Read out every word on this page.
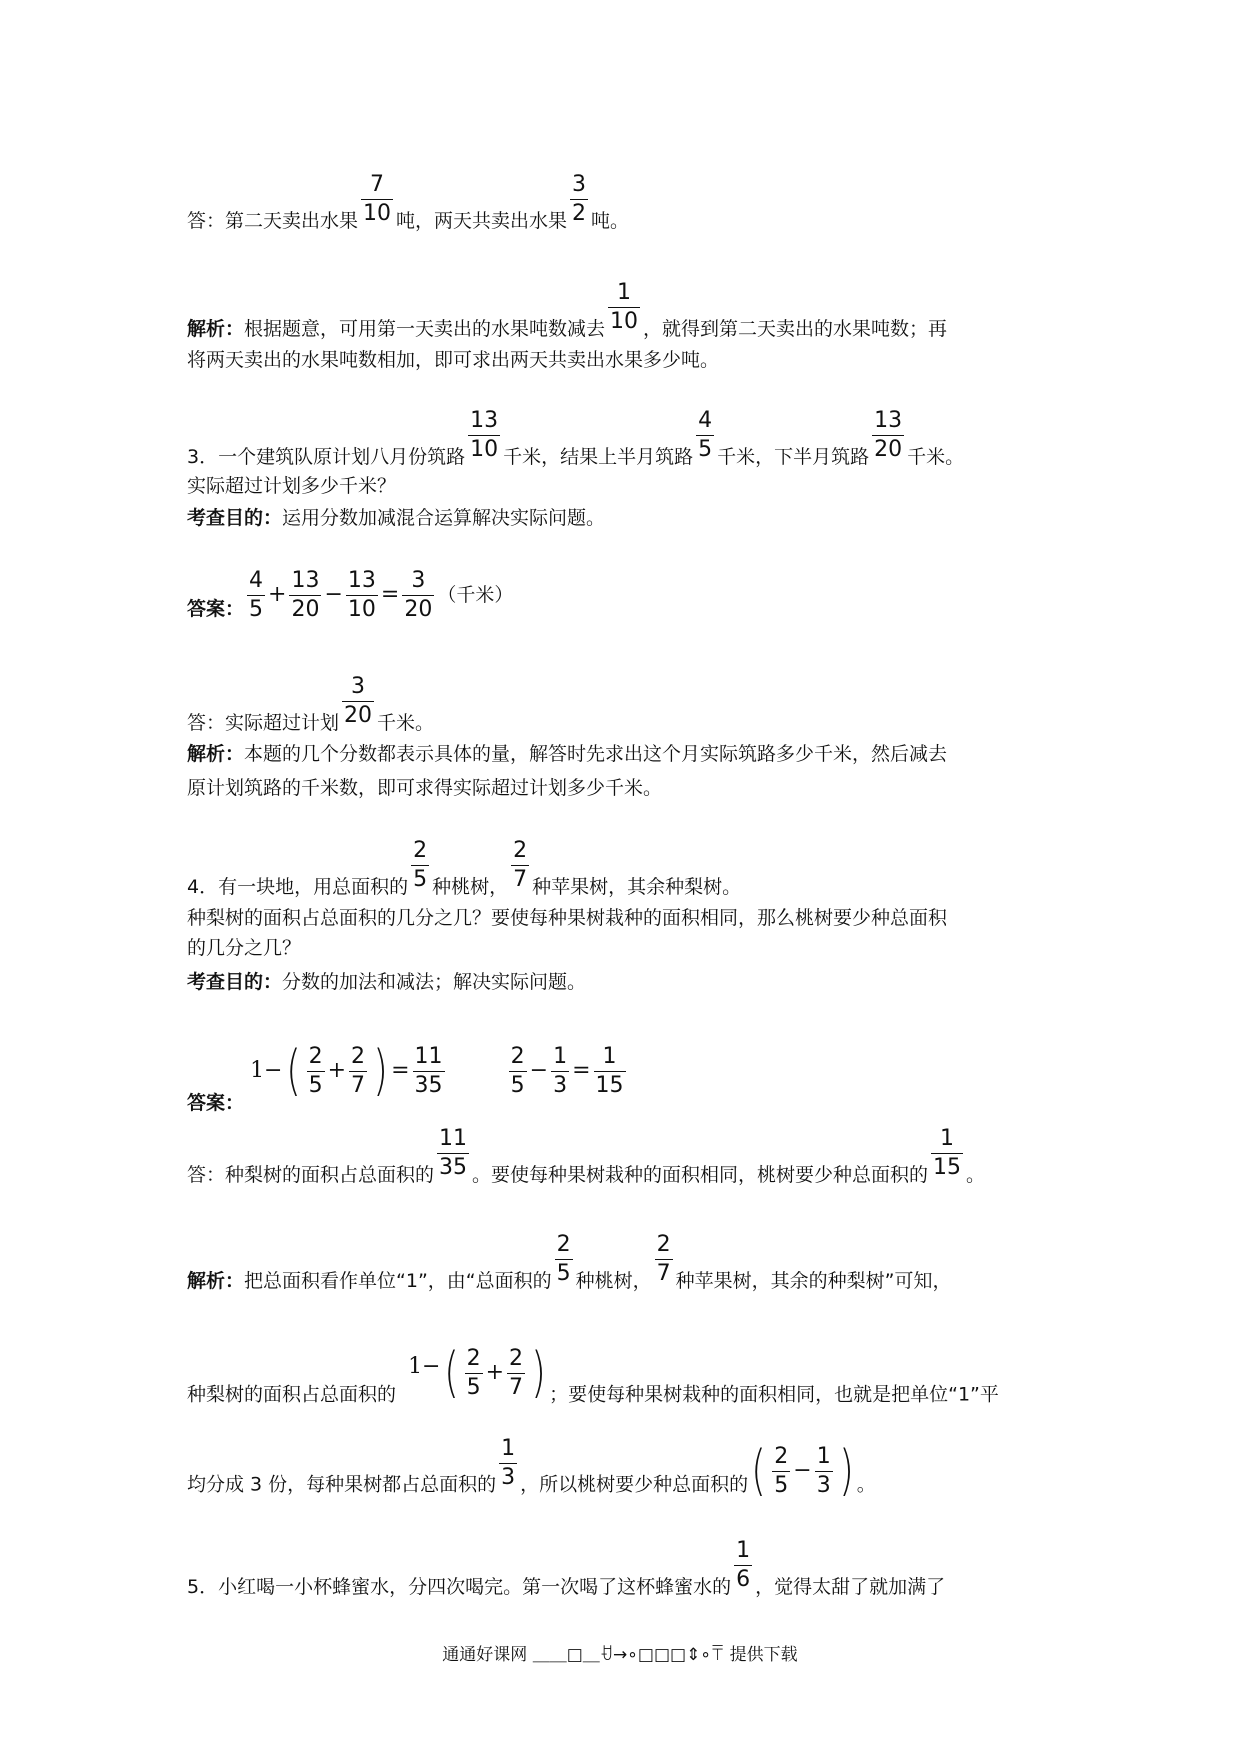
答：第二天卖出水果 $\frac{7}{10}$ 吨，两天共卖出水果 $\frac{3}{2}$ 吨。
解析：根据题意，可用第一天卖出的水果吨数减去 $\frac{1}{10}$ ，就得到第二天卖出的水果吨数；再
将两天卖出的水果吨数相加，即可求出两天共卖出水果多少吨。
3．一个建筑队原计划八月份筑路 $\frac{13}{10}$ 千米，结果上半月筑路 $\frac{4}{5}$ 千米，下半月筑路 $\frac{13}{20}$ 千米。
实际超过计划多少千米？
考查目的：运用分数加减混合运算解决实际问题。
答案： $\frac{4}{5} + \frac{13}{20} - \frac{13}{10} = \frac{3}{20}$ （千米）
答：实际超过计划 $\frac{3}{20}$ 千米。
解析：本题的几个分数都表示具体的量，解答时先求出这个月实际筑路多少千米，然后减去
原计划筑路的千米数，即可求得实际超过计划多少千米。
4．有一块地，用总面积的 $\frac{2}{5}$ 种桃树， $\frac{2}{7}$ 种苹果树，其余种梨树。
种梨树的面积占总面积的几分之几？要使每种果树栽种的面积相同，那么桃树要少种总面积
的几分之几？
考查目的：分数的加法和减法；解决实际问题。
答案： 1− ( 2
5
+
2
7 ) = $\frac{11}{35}$
	$\frac{2}{5} - \frac{1}{3} = \frac{1}{15}$
答：种梨树的面积占总面积的 $\frac{11}{35}$ 。要使每种果树栽种的面积相同，桃树要少种总面积的 $\frac{1}{15}$ 。
解析：把总面积看作单位“1”，由“总面积的 $\frac{2}{5}$ 种桃树， $\frac{2}{7}$ 种苹果树，其余的种梨树”可知，
种梨树的面积占总面积的 1− ( 2
5
+
2
7 ) ；要使每种果树栽种的面积相同，也就是把单位“1”平
均分成 3 份，每种果树都占总面积的 $\frac{1}{3}$ ，所以桃树要少种总面积的 ( 2
5
−
1
3 ) 。
5．小红喝一小杯蜂蜜水，分四次喝完。第一次喝了这杯蜂蜜水的 $\frac{1}{6}$ ，觉得太甜了就加满了
通通好课网 ＿＿□＿ꀀ→∘□□□⇕∘〒 提供下载
